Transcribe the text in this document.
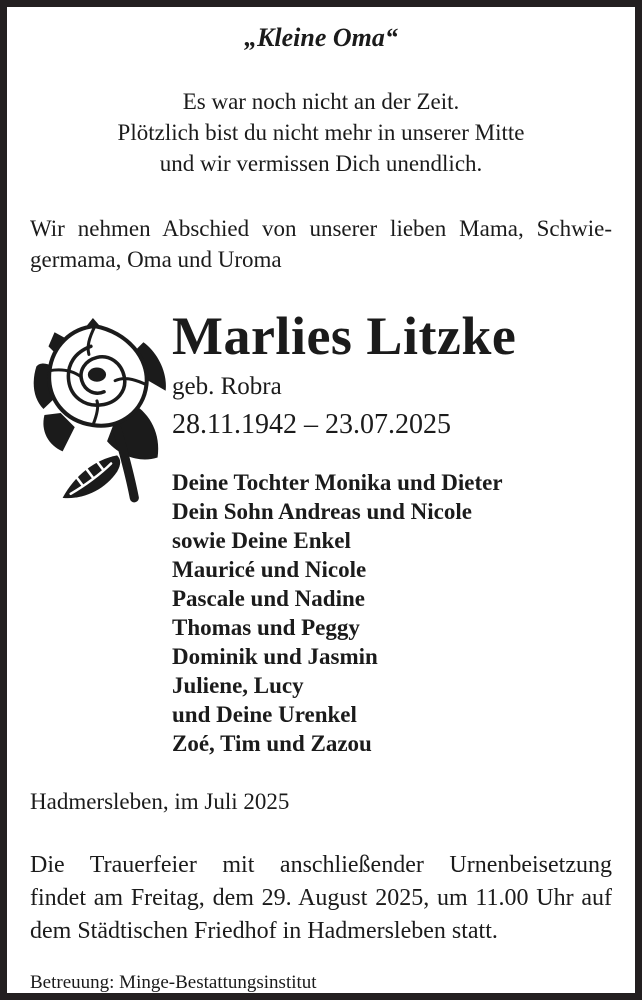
„Kleine Oma“
Es war noch nicht an der Zeit.
Plötzlich bist du nicht mehr in unserer Mitte
und wir vermissen Dich unendlich.
Wir nehmen Abschied von unserer lieben Mama, Schwie-
germama, Oma und Uroma
Marlies Litzke
geb. Robra
28.11.1942 – 23.07.2025
Deine Tochter Monika und Dieter
Dein Sohn Andreas und Nicole
sowie Deine Enkel
Mauricé und Nicole
Pascale und Nadine
Thomas und Peggy
Dominik und Jasmin
Juliene, Lucy
und Deine Urenkel
Zoé, Tim und Zazou
Hadmersleben, im Juli 2025
Die Trauerfeier mit anschließender Urnenbeisetzung
findet am Freitag, dem 29. August 2025, um 11.00 Uhr auf
dem Städtischen Friedhof in Hadmersleben statt.
Betreuung: Minge-Bestattungsinstitut
